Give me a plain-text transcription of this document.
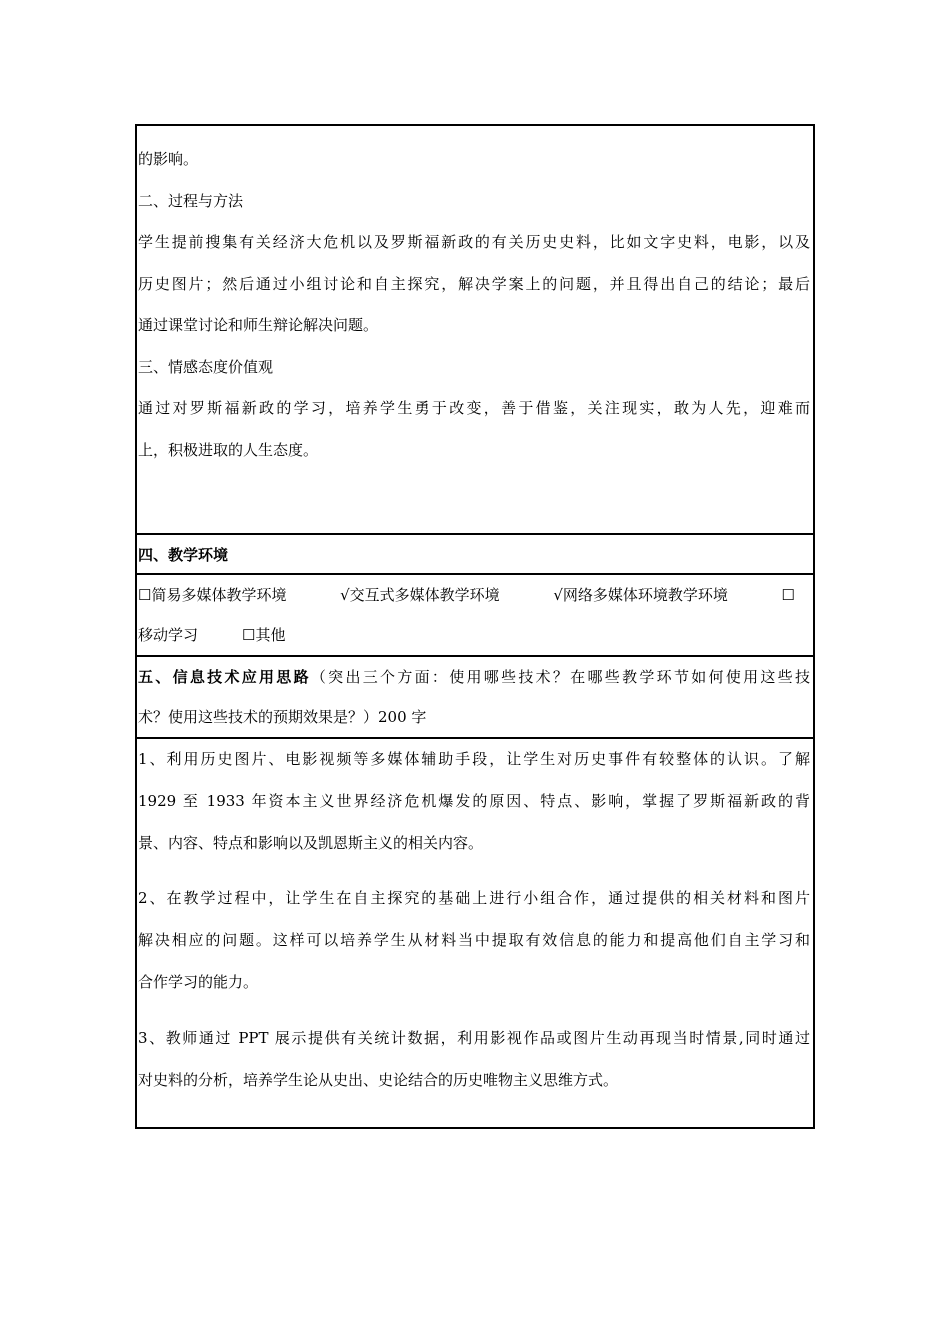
的影响。
二、过程与方法
学生提前搜集有关经济大危机以及罗斯福新政的有关历史史料，比如文字史料，电影，以及
历史图片；然后通过小组讨论和自主探究，解决学案上的问题，并且得出自己的结论；最后
通过课堂讨论和师生辩论解决问题。
三、情感态度价值观
通过对罗斯福新政的学习，培养学生勇于改变，善于借鉴，关注现实，敢为人先，迎难而
上，积极进取的人生态度。
四、教学环境
☐简易多媒体教学环境	√交互式多媒体教学环境	√网络多媒体环境教学环境	☐
移动学习	☐其他
五、信息技术应用思路（突出三个方面：使用哪些技术？在哪些教学环节如何使用这些技
术？使用这些技术的预期效果是？）200 字
1、利用历史图片、电影视频等多媒体辅助手段，让学生对历史事件有较整体的认识。了解
1929 至 1933 年资本主义世界经济危机爆发的原因、特点、影响，掌握了罗斯福新政的背
景、内容、特点和影响以及凯恩斯主义的相关内容。
2、在教学过程中，让学生在自主探究的基础上进行小组合作，通过提供的相关材料和图片
解决相应的问题。这样可以培养学生从材料当中提取有效信息的能力和提高他们自主学习和
合作学习的能力。
3、教师通过 PPT 展示提供有关统计数据，利用影视作品或图片生动再现当时情景,同时通过
对史料的分析，培养学生论从史出、史论结合的历史唯物主义思维方式。
